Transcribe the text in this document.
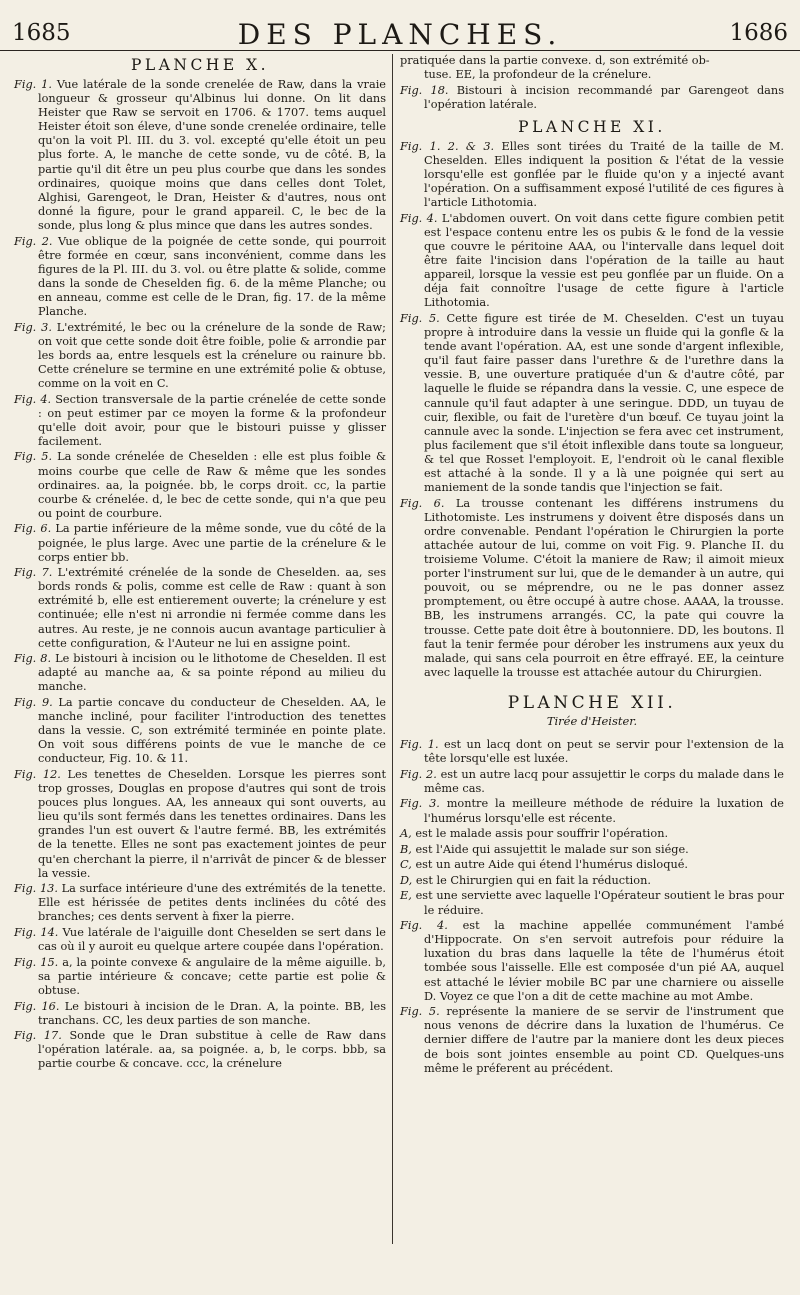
1685	DES PLANCHES.	1686
PLANCHE X.
Fig. 1. Vue latérale de la sonde crenelée de Raw, dans la vraie longueur & grosseur qu'Albinus lui donne. On lit dans Heister que Raw se servoit en 1706. & 1707. tems auquel Heister étoit son éleve, d'une sonde crenelée ordinaire, telle qu'on la voit Pl. III. du 3. vol. excepté qu'elle étoit un peu plus forte. A, le manche de cette sonde, vu de côté. B, la partie qu'il dit être un peu plus courbe que dans les sondes ordinaires, quoique moins que dans celles dont Tolet, Alghisi, Garengeot, le Dran, Heister & d'autres, nous ont donné la figure, pour le grand appareil. C, le bec de la sonde, plus long & plus mince que dans les autres sondes.
Fig. 2. Vue oblique de la poignée de cette sonde, qui pourroit être formée en cœur, sans inconvénient, comme dans les figures de la Pl. III. du 3. vol. ou être platte & solide, comme dans la sonde de Cheselden fig. 6. de la même Planche; ou en anneau, comme est celle de le Dran, fig. 17. de la même Planche.
Fig. 3. L'extrémité, le bec ou la crénelure de la sonde de Raw; on voit que cette sonde doit être foible, polie & arrondie par les bords aa, entre lesquels est la crénelure ou rainure bb. Cette crénelure se termine en une extrémité polie & obtuse, comme on la voit en C.
Fig. 4. Section transversale de la partie crénelée de cette sonde : on peut estimer par ce moyen la forme & la profondeur qu'elle doit avoir, pour que le bistouri puisse y glisser facilement.
Fig. 5. La sonde crénelée de Cheselden : elle est plus foible & moins courbe que celle de Raw & même que les sondes ordinaires. aa, la poignée. bb, le corps droit. cc, la partie courbe & crénelée. d, le bec de cette sonde, qui n'a que peu ou point de courbure.
Fig. 6. La partie inférieure de la même sonde, vue du côté de la poignée, le plus large. Avec une partie de la crénelure & le corps entier bb.
Fig. 7. L'extrémité crénelée de la sonde de Cheselden. aa, ses bords ronds & polis, comme est celle de Raw : quant à son extrémité b, elle est entierement ouverte; la crénelure y est continuée; elle n'est ni arrondie ni fermée comme dans les autres. Au reste, je ne connois aucun avantage particulier à cette configuration, & l'Auteur ne lui en assigne point.
Fig. 8. Le bistouri à incision ou le lithotome de Cheselden. Il est adapté au manche aa, & sa pointe répond au milieu du manche.
Fig. 9. La partie concave du conducteur de Cheselden. AA, le manche incliné, pour faciliter l'introduction des tenettes dans la vessie. C, son extrémité terminée en pointe plate. On voit sous différens points de vue le manche de ce conducteur, Fig. 10. & 11.
Fig. 12. Les tenettes de Cheselden. Lorsque les pierres sont trop grosses, Douglas en propose d'autres qui sont de trois pouces plus longues. AA, les anneaux qui sont ouverts, au lieu qu'ils sont fermés dans les tenettes ordinaires. Dans les grandes l'un est ouvert & l'autre fermé. BB, les extrémités de la tenette. Elles ne sont pas exactement jointes de peur qu'en cherchant la pierre, il n'arrivât de pincer & de blesser la vessie.
Fig. 13. La surface intérieure d'une des extrémités de la tenette. Elle est hérissée de petites dents inclinées du côté des branches; ces dents servent à fixer la pierre.
Fig. 14. Vue latérale de l'aiguille dont Cheselden se sert dans le cas où il y auroit eu quelque artere coupée dans l'opération.
Fig. 15. a, la pointe convexe & angulaire de la même aiguille. b, sa partie intérieure & concave; cette partie est polie & obtuse.
Fig. 16. Le bistouri à incision de le Dran. A, la pointe. BB, les tranchans. CC, les deux parties de son manche.
Fig. 17. Sonde que le Dran substitue à celle de Raw dans l'opération latérale. aa, sa poignée. a, b, le corps. bbb, sa partie courbe & concave. ccc, la crénelure
pratiquée dans la partie convexe. d, son extrémité ob-
tuse. EE, la profondeur de la crénelure.
Fig. 18. Bistouri à incision recommandé par Garengeot dans l'opération latérale.
PLANCHE XI.
Fig. 1. 2. & 3. Elles sont tirées du Traité de la taille de M. Cheselden. Elles indiquent la position & l'état de la vessie lorsqu'elle est gonflée par le fluide qu'on y a injecté avant l'opération. On a suffisamment exposé l'utilité de ces figures à l'article Lithotomia.
Fig. 4. L'abdomen ouvert. On voit dans cette figure combien petit est l'espace contenu entre les os pubis & le fond de la vessie que couvre le péritoine AAA, ou l'intervalle dans lequel doit être faite l'incision dans l'opération de la taille au haut appareil, lorsque la vessie est peu gonflée par un fluide. On a déja fait connoître l'usage de cette figure à l'article Lithotomia.
Fig. 5. Cette figure est tirée de M. Cheselden. C'est un tuyau propre à introduire dans la vessie un fluide qui la gonfle & la tende avant l'opération. AA, est une sonde d'argent inflexible, qu'il faut faire passer dans l'urethre & de l'urethre dans la vessie. B, une ouverture pratiquée d'un & d'autre côté, par laquelle le fluide se répandra dans la vessie. C, une espece de cannule qu'il faut adapter à une seringue. DDD, un tuyau de cuir, flexible, ou fait de l'uretère d'un bœuf. Ce tuyau joint la cannule avec la sonde. L'injection se fera avec cet instrument, plus facilement que s'il étoit inflexible dans toute sa longueur, & tel que Rosset l'employoit. E, l'endroit où le canal flexible est attaché à la sonde. Il y a là une poignée qui sert au maniement de la sonde tandis que l'injection se fait.
Fig. 6. La trousse contenant les différens instrumens du Lithotomiste. Les instrumens y doivent être disposés dans un ordre convenable. Pendant l'opération le Chirurgien la porte attachée autour de lui, comme on voit Fig. 9. Planche II. du troisieme Volume. C'étoit la maniere de Raw; il aimoit mieux porter l'instrument sur lui, que de le demander à un autre, qui pouvoit, ou se méprendre, ou ne le pas donner assez promptement, ou être occupé à autre chose. AAAA, la trousse. BB, les instrumens arrangés. CC, la pate qui couvre la trousse. Cette pate doit être à boutonniere. DD, les boutons. Il faut la tenir fermée pour dérober les instrumens aux yeux du malade, qui sans cela pourroit en être effrayé. EE, la ceinture avec laquelle la trousse est attachée autour du Chirurgien.
PLANCHE XII.
Tirée d'Heister.
Fig. 1. est un lacq dont on peut se servir pour l'extension de la tête lorsqu'elle est luxée.
Fig. 2. est un autre lacq pour assujettir le corps du malade dans le même cas.
Fig. 3. montre la meilleure méthode de réduire la luxation de l'humérus lorsqu'elle est récente.
A, est le malade assis pour souffrir l'opération.
B, est l'Aide qui assujettit le malade sur son siége.
C, est un autre Aide qui étend l'humérus disloqué.
D, est le Chirurgien qui en fait la réduction.
E, est une serviette avec laquelle l'Opérateur soutient le bras pour le réduire.
Fig. 4. est la machine appellée communément l'ambé d'Hippocrate. On s'en servoit autrefois pour réduire la luxation du bras dans laquelle la tête de l'humérus étoit tombée sous l'aisselle. Elle est composée d'un pié AA, auquel est attaché le lévier mobile BC par une charniere ou aisselle D. Voyez ce que l'on a dit de cette machine au mot Ambe.
Fig. 5. représente la maniere de se servir de l'instrument que nous venons de décrire dans la luxation de l'humérus. Ce dernier differe de l'autre par la maniere dont les deux pieces de bois sont jointes ensemble au point CD. Quelques-uns même le préferent au précédent.
